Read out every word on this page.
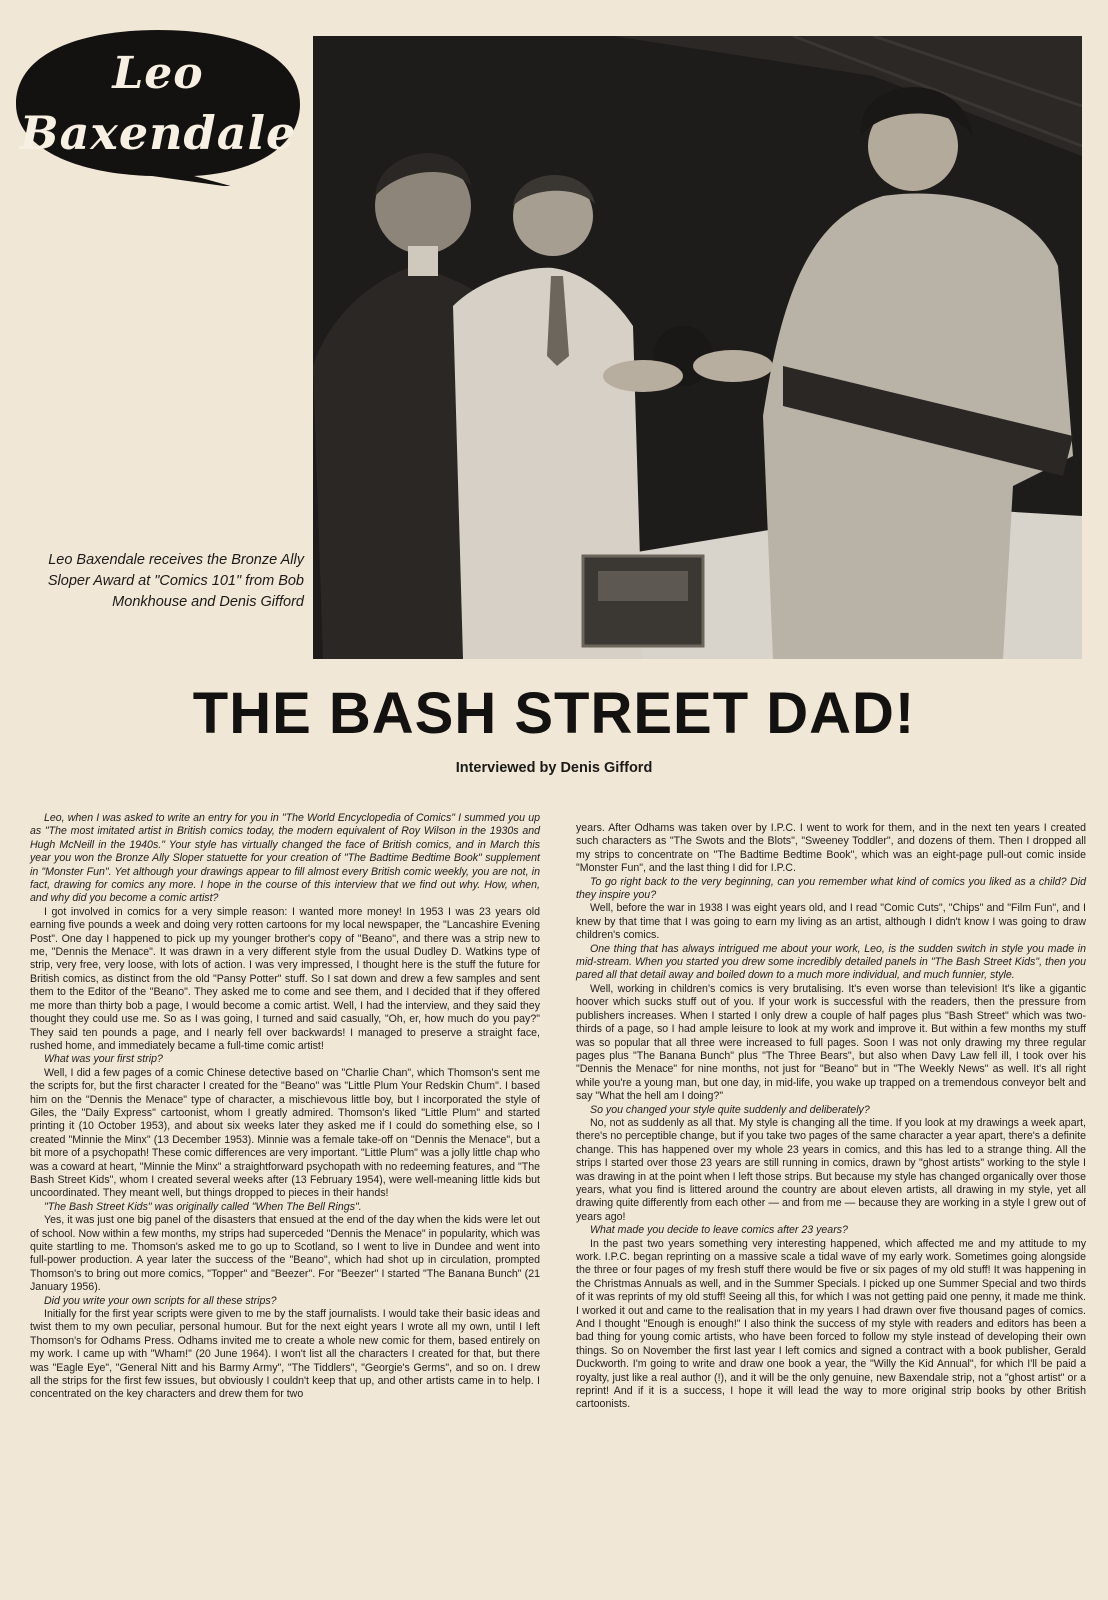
Leo
Baxendale
Leo Baxendale receives the Bronze Ally Sloper Award at "Comics 101" from Bob Monkhouse and Denis Gifford
THE BASH STREET DAD!
Interviewed by Denis Gifford

Leo, when I was asked to write an entry for you in "The World Encyclopedia of Comics" I summed you up as "The most imitated artist in British comics today, the modern equivalent of Roy Wilson in the 1930s and Hugh McNeill in the 1940s." Your style has virtually changed the face of British comics, and in March this year you won the Bronze Ally Sloper statuette for your creation of "The Badtime Bedtime Book" supplement in "Monster Fun". Yet although your drawings appear to fill almost every British comic weekly, you are not, in fact, drawing for comics any more. I hope in the course of this interview that we find out why. How, when, and why did you become a comic artist?

I got involved in comics for a very simple reason: I wanted more money! In 1953 I was 23 years old earning five pounds a week and doing very rotten cartoons for my local newspaper, the "Lancashire Evening Post". One day I happened to pick up my younger brother's copy of "Beano", and there was a strip new to me, "Dennis the Menace". It was drawn in a very different style from the usual Dudley D. Watkins type of strip, very free, very loose, with lots of action. I was very impressed, I thought here is the stuff the future for British comics, as distinct from the old "Pansy Potter" stuff. So I sat down and drew a few samples and sent them to the Editor of the "Beano". They asked me to come and see them, and I decided that if they offered me more than thirty bob a page, I would become a comic artist. Well, I had the interview, and they said they thought they could use me. So as I was going, I turned and said casually, "Oh, er, how much do you pay?" They said ten pounds a page, and I nearly fell over backwards! I managed to preserve a straight face, rushed home, and immediately became a full-time comic artist!

What was your first strip?

Well, I did a few pages of a comic Chinese detective based on "Charlie Chan", which Thomson's sent me the scripts for, but the first character I created for the "Beano" was "Little Plum Your Redskin Chum". I based him on the "Dennis the Menace" type of character, a mischievous little boy, but I incorporated the style of Giles, the "Daily Express" cartoonist, whom I greatly admired. Thomson's liked "Little Plum" and started printing it (10 October 1953), and about six weeks later they asked me if I could do something else, so I created "Minnie the Minx" (13 December 1953). Minnie was a female take-off on "Dennis the Menace", but a bit more of a psychopath! These comic differences are very important. "Little Plum" was a jolly little chap who was a coward at heart, "Minnie the Minx" a straightforward psychopath with no redeeming features, and "The Bash Street Kids", whom I created several weeks after (13 February 1954), were well-meaning little kids but uncoordinated. They meant well, but things dropped to pieces in their hands!

"The Bash Street Kids" was originally called "When The Bell Rings".

Yes, it was just one big panel of the disasters that ensued at the end of the day when the kids were let out of school. Now within a few months, my strips had superceded "Dennis the Menace" in popularity, which was quite startling to me. Thomson's asked me to go up to Scotland, so I went to live in Dundee and went into full-power production. A year later the success of the "Beano", which had shot up in circulation, prompted Thomson's to bring out more comics, "Topper" and "Beezer". For "Beezer" I started "The Banana Bunch" (21 January 1956).

Did you write your own scripts for all these strips?

Initially for the first year scripts were given to me by the staff journalists. I would take their basic ideas and twist them to my own peculiar, personal humour. But for the next eight years I wrote all my own, until I left Thomson's for Odhams Press. Odhams invited me to create a whole new comic for them, based entirely on my work. I came up with "Wham!" (20 June 1964). I won't list all the characters I created for that, but there was "Eagle Eye", "General Nitt and his Barmy Army", "The Tiddlers", "Georgie's Germs", and so on. I drew all the strips for the first few issues, but obviously I couldn't keep that up, and other artists came in to help. I concentrated on the key characters and drew them for two

years. After Odhams was taken over by I.P.C. I went to work for them, and in the next ten years I created such characters as "The Swots and the Blots", "Sweeney Toddler", and dozens of them. Then I dropped all my strips to concentrate on "The Badtime Bedtime Book", which was an eight-page pull-out comic inside "Monster Fun", and the last thing I did for I.P.C.

To go right back to the very beginning, can you remember what kind of comics you liked as a child? Did they inspire you?

Well, before the war in 1938 I was eight years old, and I read "Comic Cuts", "Chips" and "Film Fun", and I knew by that time that I was going to earn my living as an artist, although I didn't know I was going to draw children's comics.

One thing that has always intrigued me about your work, Leo, is the sudden switch in style you made in mid-stream. When you started you drew some incredibly detailed panels in "The Bash Street Kids", then you pared all that detail away and boiled down to a much more individual, and much funnier, style.

Well, working in children's comics is very brutalising. It's even worse than television! It's like a gigantic hoover which sucks stuff out of you. If your work is successful with the readers, then the pressure from publishers increases. When I started I only drew a couple of half pages plus "Bash Street" which was two-thirds of a page, so I had ample leisure to look at my work and improve it. But within a few months my stuff was so popular that all three were increased to full pages. Soon I was not only drawing my three regular pages plus "The Banana Bunch" plus "The Three Bears", but also when Davy Law fell ill, I took over his "Dennis the Menace" for nine months, not just for "Beano" but in "The Weekly News" as well. It's all right while you're a young man, but one day, in mid-life, you wake up trapped on a tremendous conveyor belt and say "What the hell am I doing?"

So you changed your style quite suddenly and deliberately?

No, not as suddenly as all that. My style is changing all the time. If you look at my drawings a week apart, there's no perceptible change, but if you take two pages of the same character a year apart, there's a definite change. This has happened over my whole 23 years in comics, and this has led to a strange thing. All the strips I started over those 23 years are still running in comics, drawn by "ghost artists" working to the style I was drawing in at the point when I left those strips. But because my style has changed organically over those years, what you find is littered around the country are about eleven artists, all drawing in my style, yet all drawing quite differently from each other — and from me — because they are working in a style I grew out of years ago!

What made you decide to leave comics after 23 years?

In the past two years something very interesting happened, which affected me and my attitude to my work. I.P.C. began reprinting on a massive scale a tidal wave of my early work. Sometimes going alongside the three or four pages of my fresh stuff there would be five or six pages of my old stuff! It was happening in the Christmas Annuals as well, and in the Summer Specials. I picked up one Summer Special and two thirds of it was reprints of my old stuff! Seeing all this, for which I was not getting paid one penny, it made me think. I worked it out and came to the realisation that in my years I had drawn over five thousand pages of comics. And I thought "Enough is enough!" I also think the success of my style with readers and editors has been a bad thing for young comic artists, who have been forced to follow my style instead of developing their own things. So on November the first last year I left comics and signed a contract with a book publisher, Gerald Duckworth. I'm going to write and draw one book a year, the "Willy the Kid Annual", for which I'll be paid a royalty, just like a real author (!), and it will be the only genuine, new Baxendale strip, not a "ghost artist" or a reprint! And if it is a success, I hope it will lead the way to more original strip books by other British cartoonists.
